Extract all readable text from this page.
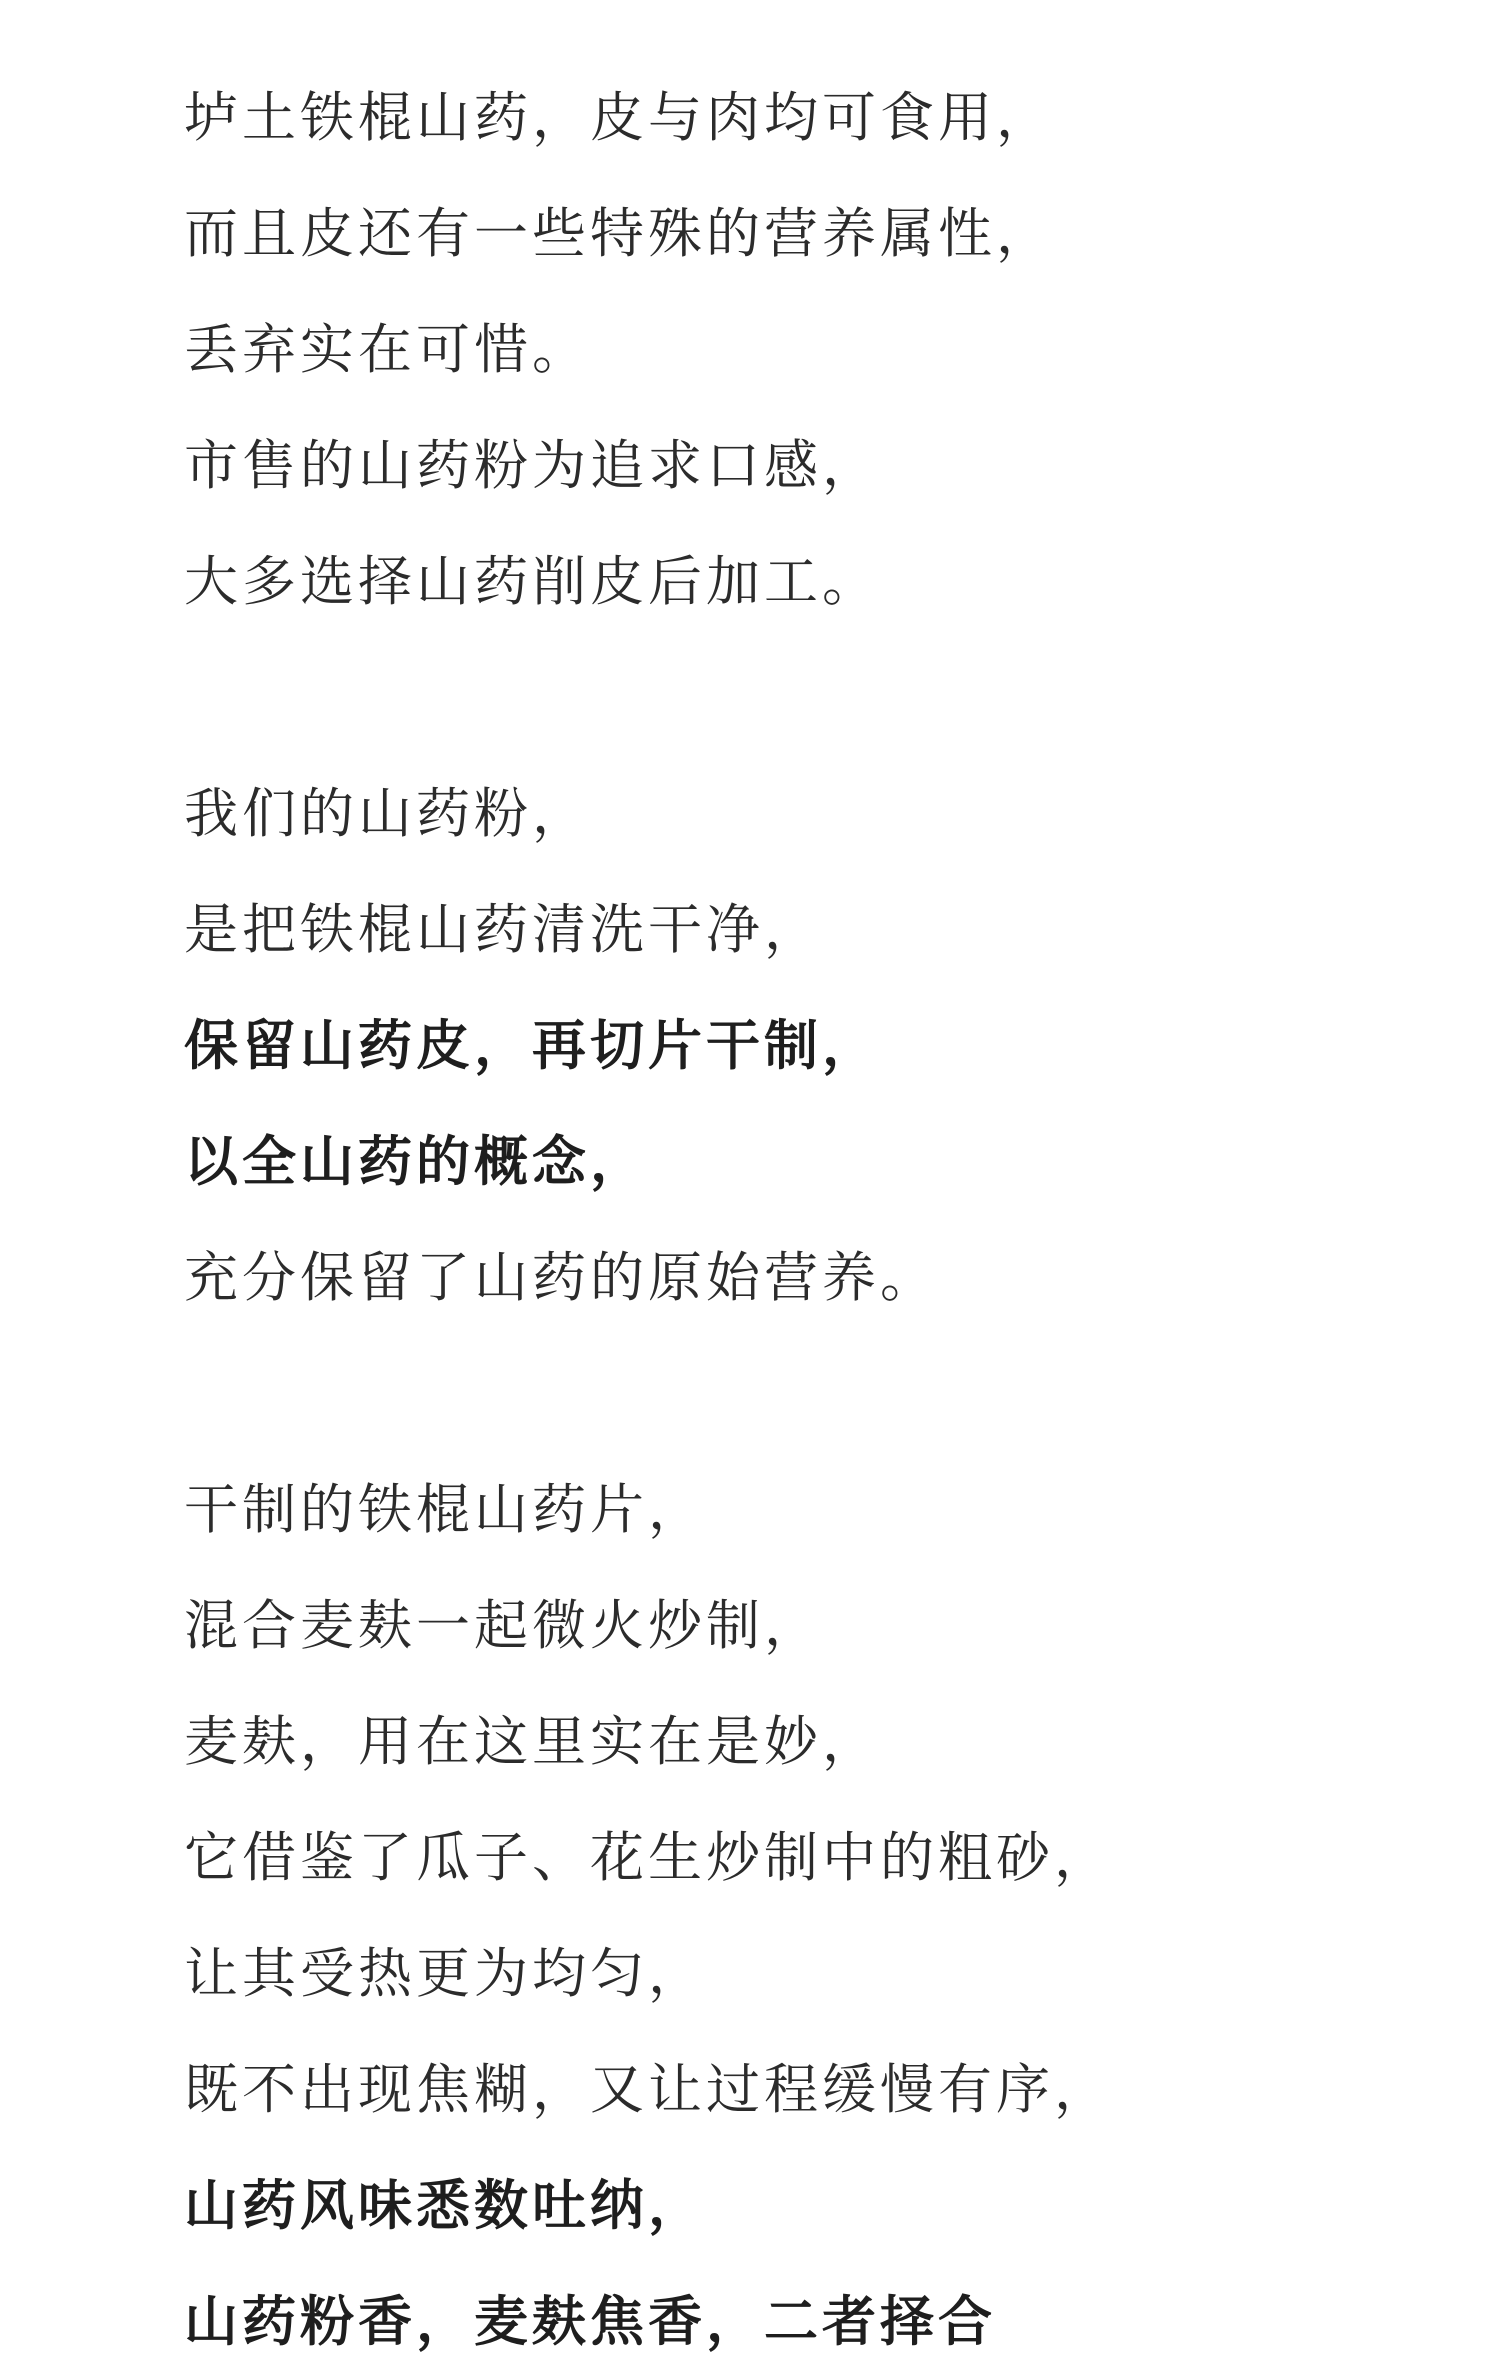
垆土铁棍山药，皮与肉均可食用，
而且皮还有一些特殊的营养属性，
丢弃实在可惜。
市售的山药粉为追求口感，
大多选择山药削皮后加工。
我们的山药粉，
是把铁棍山药清洗干净，
保留山药皮，再切片干制，
以全山药的概念，
充分保留了山药的原始营养。
干制的铁棍山药片，
混合麦麸一起微火炒制，
麦麸，用在这里实在是妙，
它借鉴了瓜子、花生炒制中的粗砂，
让其受热更为均匀，
既不出现焦糊，又让过程缓慢有序，
山药风味悉数吐纳，
山药粉香，麦麸焦香，二者择合
